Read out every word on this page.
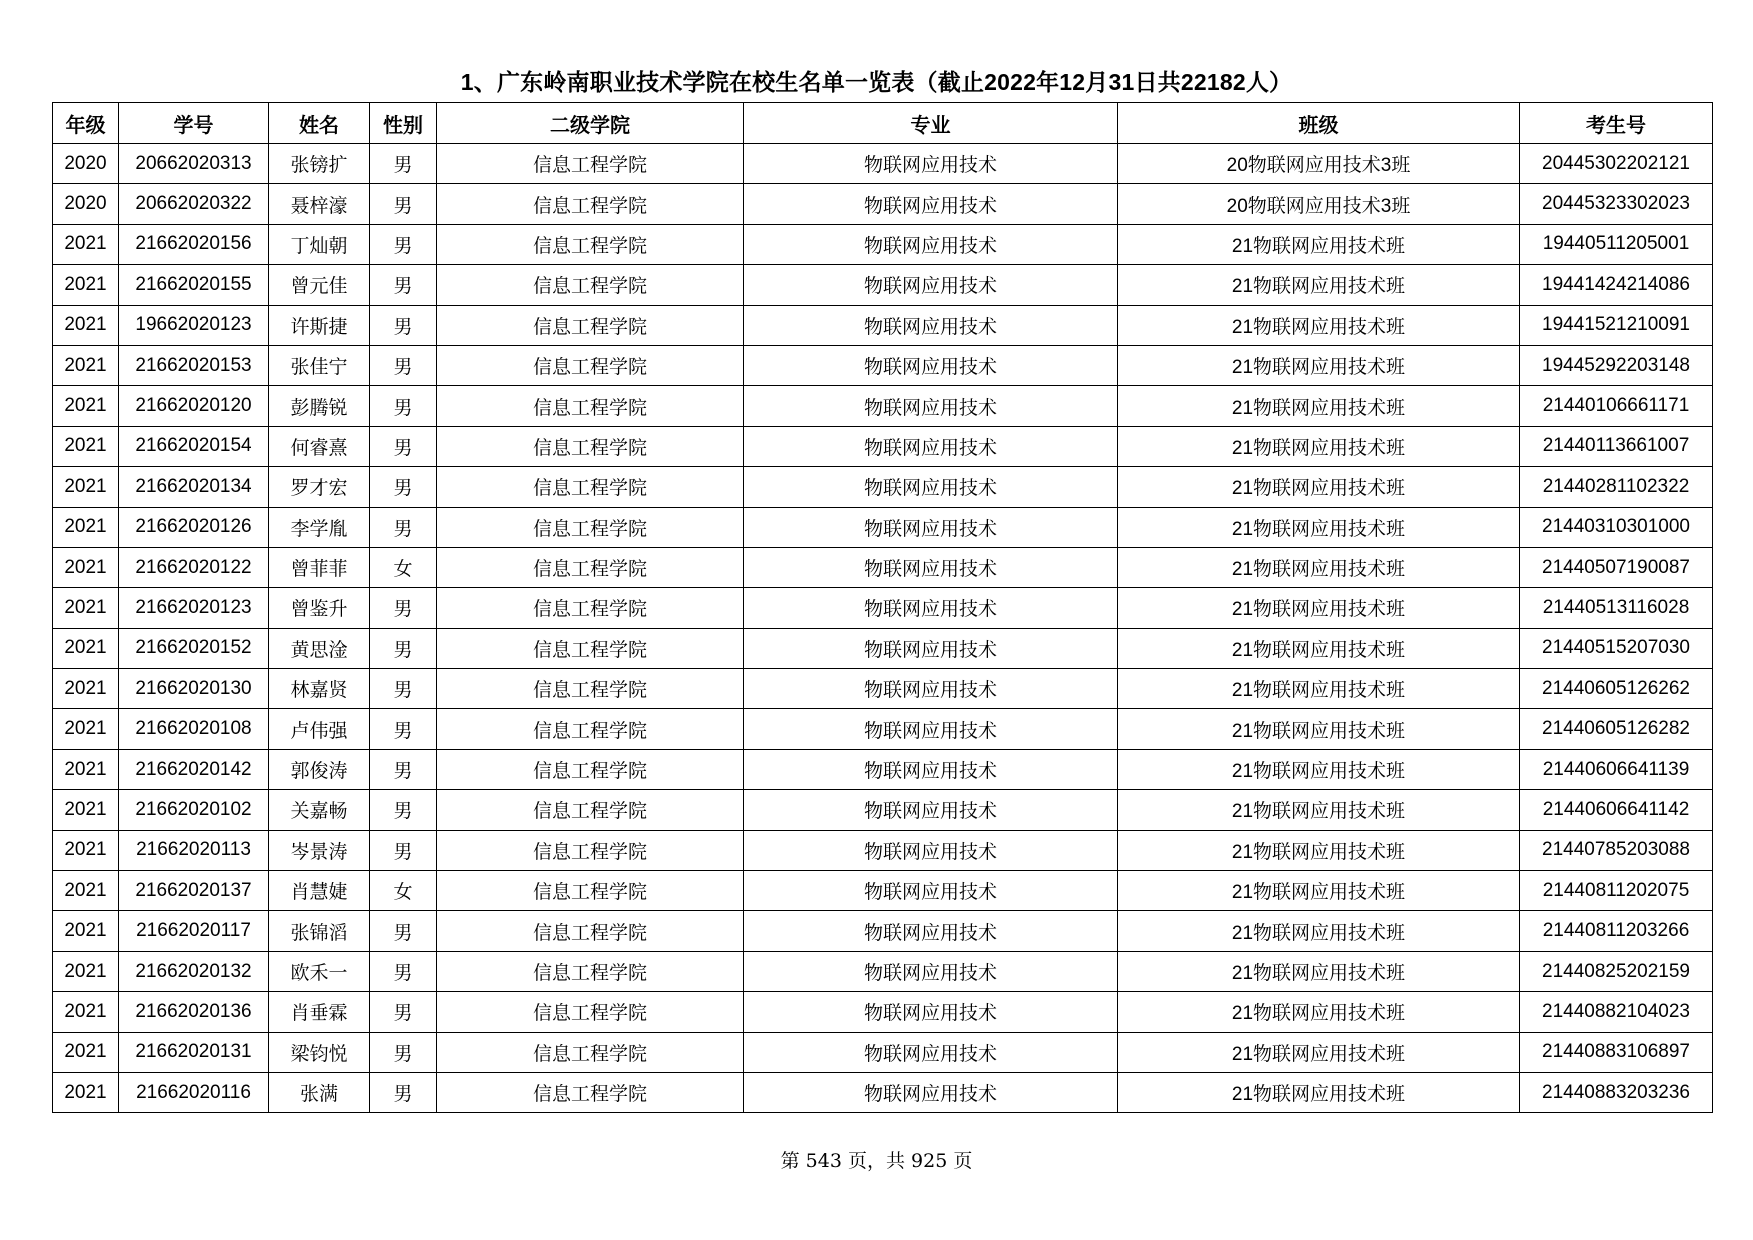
1、广东岭南职业技术学院在校生名单一览表（截止2022年12月31日共22182人）
年级	学号	姓名	性别	二级学院	专业	班级	考生号
2020	20662020313	张镑扩	男	信息工程学院	物联网应用技术	20物联网应用技术3班	20445302202121
2020	20662020322	聂梓濠	男	信息工程学院	物联网应用技术	20物联网应用技术3班	20445323302023
2021	21662020156	丁灿朝	男	信息工程学院	物联网应用技术	21物联网应用技术班	19440511205001
2021	21662020155	曾元佳	男	信息工程学院	物联网应用技术	21物联网应用技术班	19441424214086
2021	19662020123	许斯捷	男	信息工程学院	物联网应用技术	21物联网应用技术班	19441521210091
2021	21662020153	张佳宁	男	信息工程学院	物联网应用技术	21物联网应用技术班	19445292203148
2021	21662020120	彭腾锐	男	信息工程学院	物联网应用技术	21物联网应用技术班	21440106661171
2021	21662020154	何睿熹	男	信息工程学院	物联网应用技术	21物联网应用技术班	21440113661007
2021	21662020134	罗才宏	男	信息工程学院	物联网应用技术	21物联网应用技术班	21440281102322
2021	21662020126	李学胤	男	信息工程学院	物联网应用技术	21物联网应用技术班	21440310301000
2021	21662020122	曾菲菲	女	信息工程学院	物联网应用技术	21物联网应用技术班	21440507190087
2021	21662020123	曾鉴升	男	信息工程学院	物联网应用技术	21物联网应用技术班	21440513116028
2021	21662020152	黄思淦	男	信息工程学院	物联网应用技术	21物联网应用技术班	21440515207030
2021	21662020130	林嘉贤	男	信息工程学院	物联网应用技术	21物联网应用技术班	21440605126262
2021	21662020108	卢伟强	男	信息工程学院	物联网应用技术	21物联网应用技术班	21440605126282
2021	21662020142	郭俊涛	男	信息工程学院	物联网应用技术	21物联网应用技术班	21440606641139
2021	21662020102	关嘉畅	男	信息工程学院	物联网应用技术	21物联网应用技术班	21440606641142
2021	21662020113	岑景涛	男	信息工程学院	物联网应用技术	21物联网应用技术班	21440785203088
2021	21662020137	肖慧婕	女	信息工程学院	物联网应用技术	21物联网应用技术班	21440811202075
2021	21662020117	张锦滔	男	信息工程学院	物联网应用技术	21物联网应用技术班	21440811203266
2021	21662020132	欧禾一	男	信息工程学院	物联网应用技术	21物联网应用技术班	21440825202159
2021	21662020136	肖垂霖	男	信息工程学院	物联网应用技术	21物联网应用技术班	21440882104023
2021	21662020131	梁钧悦	男	信息工程学院	物联网应用技术	21物联网应用技术班	21440883106897
2021	21662020116	张满	男	信息工程学院	物联网应用技术	21物联网应用技术班	21440883203236
第 543 页，共 925 页
